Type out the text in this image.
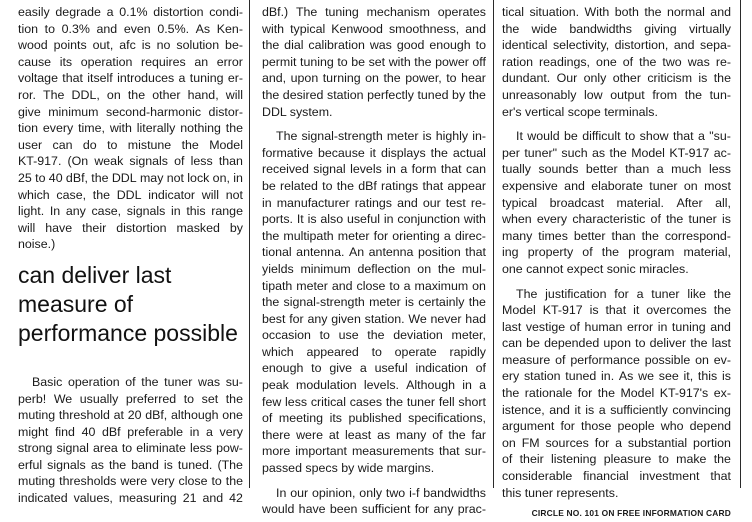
easily degrade a 0.1% distortion condi-
tion to 0.3% and even 0.5%. As Ken-
wood points out, afc is no solution be-
cause its operation requires an error
voltage that itself introduces a tuning er-
ror. The DDL, on the other hand, will
give minimum second-harmonic distor-
tion every time, with literally nothing the
user can do to mistune the Model
KT-917. (On weak signals of less than
25 to 40 dBf, the DDL may not lock on, in
which case, the DDL indicator will not
light. In any case, signals in this range
will have their distortion masked by
noise.)
can deliver last
measure of
performance possible
Basic operation of the tuner was su-
perb! We usually preferred to set the
muting threshold at 20 dBf, although one
might find 40 dBf preferable in a very
strong signal area to eliminate less pow-
erful signals as the band is tuned. (The
muting thresholds were very close to the
indicated values, measuring 21 and 42
dBf.) The tuning mechanism operates
with typical Kenwood smoothness, and
the dial calibration was good enough to
permit tuning to be set with the power off
and, upon turning on the power, to hear
the desired station perfectly tuned by the
DDL system.
The signal-strength meter is highly in-
formative because it displays the actual
received signal levels in a form that can
be related to the dBf ratings that appear
in manufacturer ratings and our test re-
ports. It is also useful in conjunction with
the multipath meter for orienting a direc-
tional antenna. An antenna position that
yields minimum deflection on the mul-
tipath meter and close to a maximum on
the signal-strength meter is certainly the
best for any given station. We never had
occasion to use the deviation meter,
which appeared to operate rapidly
enough to give a useful indication of
peak modulation levels. Although in a
few less critical cases the tuner fell short
of meeting its published specifications,
there were at least as many of the far
more important measurements that sur-
passed specs by wide margins.
In our opinion, only two i-f bandwidths
would have been sufficient for any prac-
tical situation. With both the normal and
the wide bandwidths giving virtually
identical selectivity, distortion, and sepa-
ration readings, one of the two was re-
dundant. Our only other criticism is the
unreasonably low output from the tun-
er's vertical scope terminals.
It would be difficult to show that a "su-
per tuner" such as the Model KT-917 ac-
tually sounds better than a much less
expensive and elaborate tuner on most
typical broadcast material. After all,
when every characteristic of the tuner is
many times better than the correspond-
ing property of the program material,
one cannot expect sonic miracles.
The justification for a tuner like the
Model KT-917 is that it overcomes the
last vestige of human error in tuning and
can be depended upon to deliver the last
measure of performance possible on ev-
ery station tuned in. As we see it, this is
the rationale for the Model KT-917's ex-
istence, and it is a sufficiently convincing
argument for those people who depend
on FM sources for a substantial portion
of their listening pleasure to make the
considerable financial investment that
this tuner represents.
CIRCLE NO. 101 ON FREE INFORMATION CARD
